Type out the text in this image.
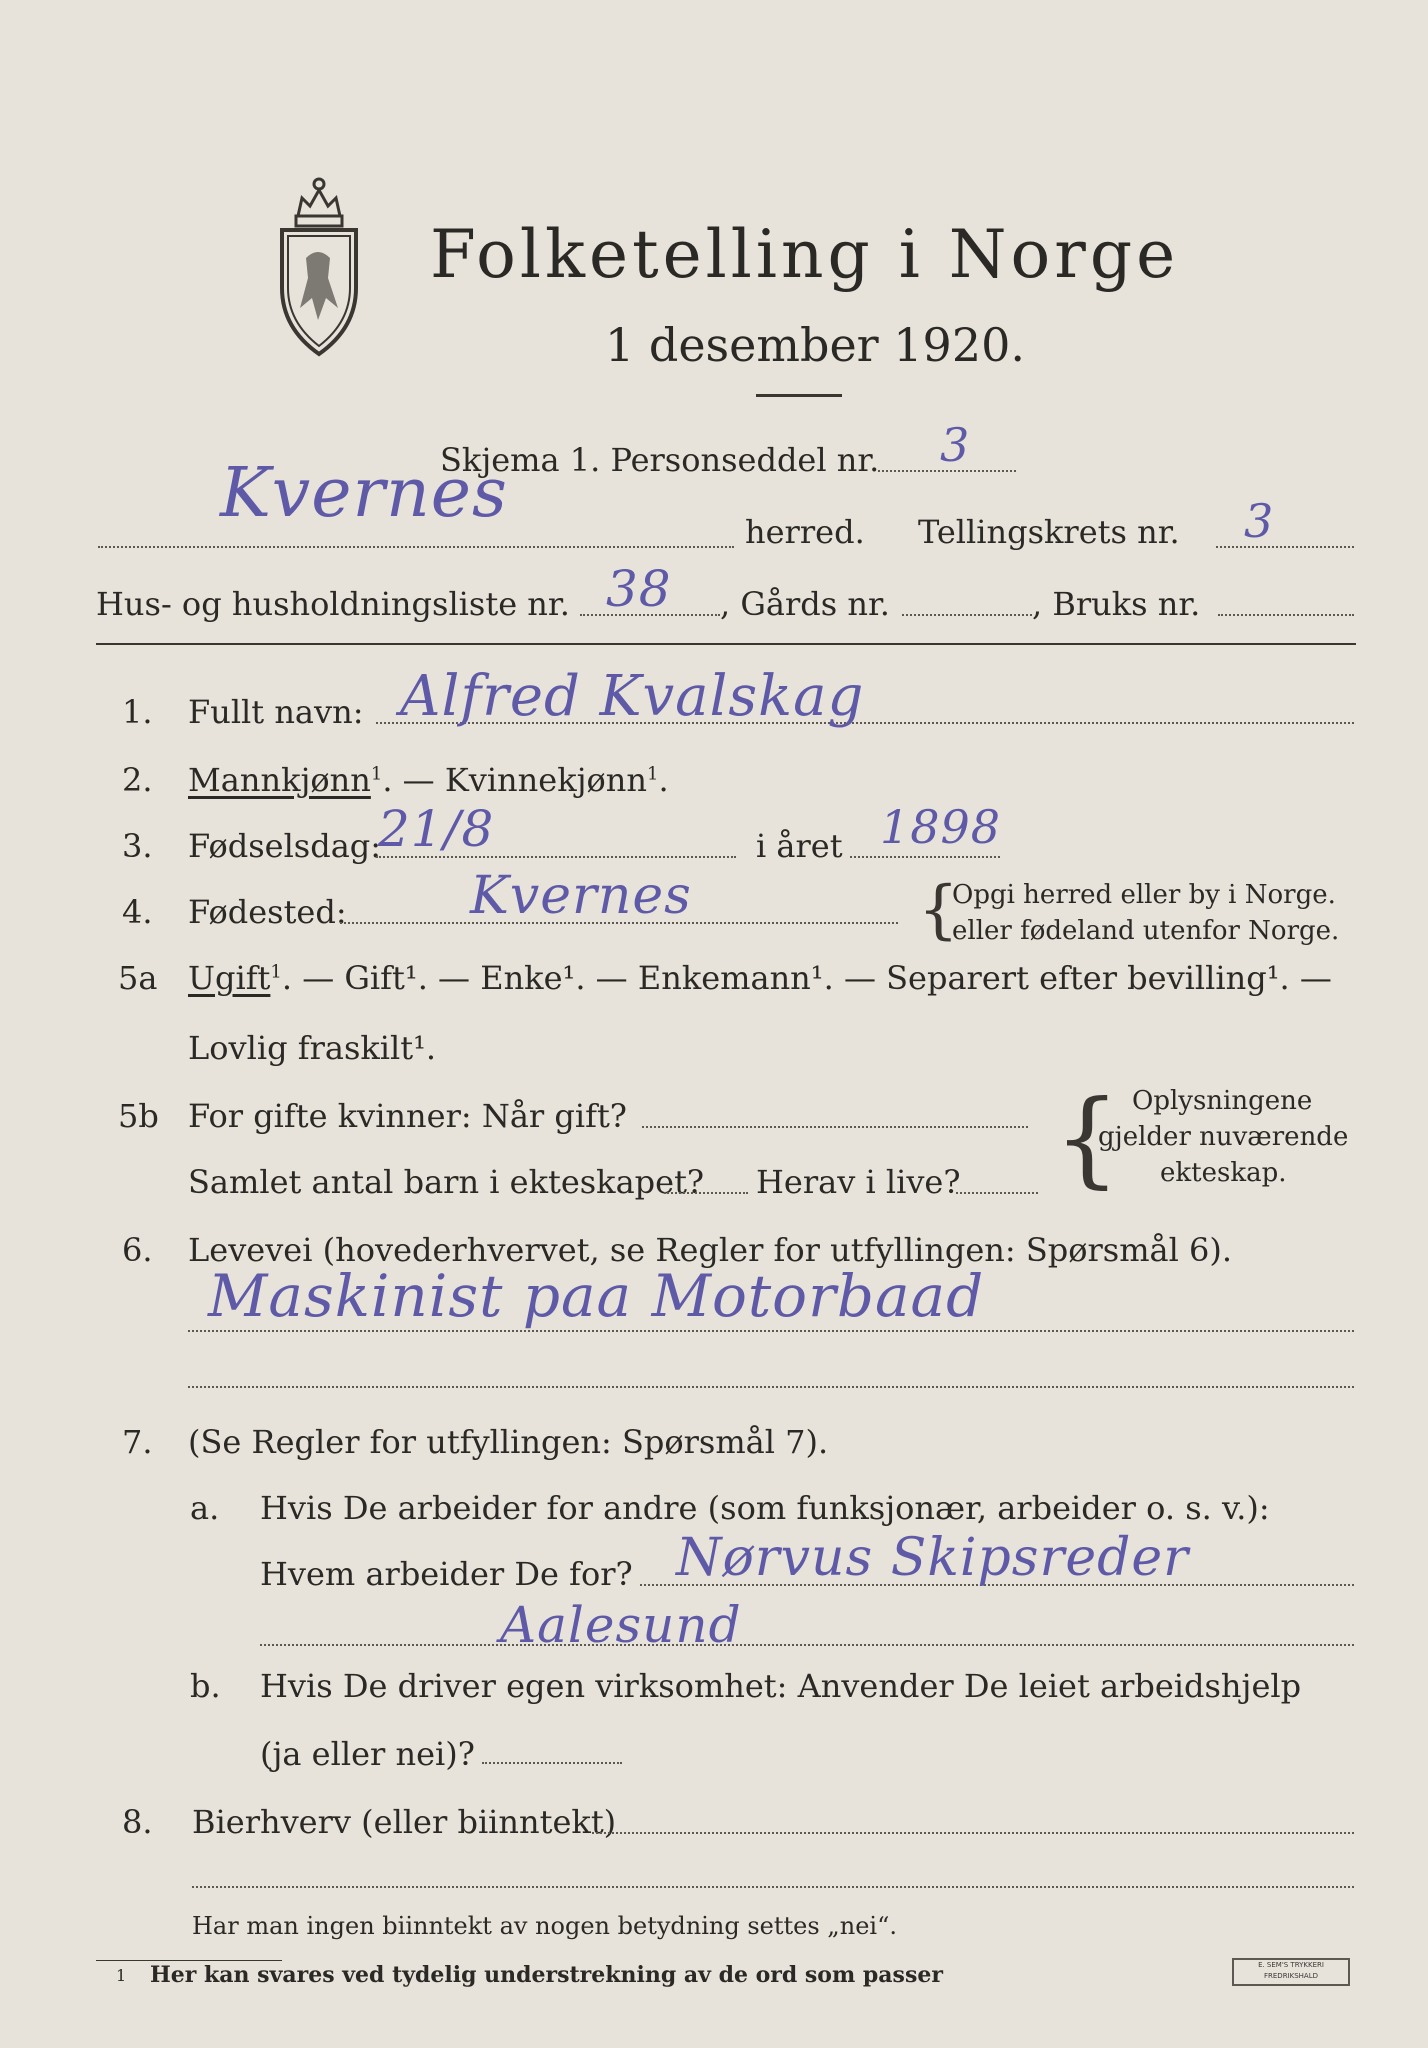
Folketelling i Norge
1 desember 1920.
Skjema 1. Personseddel nr. 3
Kvernes	herred. Tellingskrets nr. 3
Hus- og husholdningsliste nr. 38 , Gårds nr.	, Bruks nr.
1. Fullt navn: Alfred Kvalskag
2. Mannkjønn$^1$. — Kvinnekjønn$^1$.
3. Fødselsdag:
21/8	i året 1898
4. Fødested: Kvernes	{
Opgi herred eller by i Norge.
eller fødeland utenfor Norge.
5a Ugift$^1$. — Gift¹. — Enke¹. — Enkemann¹. — Separert efter bevilling¹. —
Lovlig fraskilt¹.
5b For gifte kvinner: Når gift?
Samlet antal barn i ekteskapet? Herav i live? { Oplysningene
gjelder nuværende
ekteskap.
6. Levevei (hovederhvervet, se Regler for utfyllingen: Spørsmål 6).
Maskinist paa Motorbaad
7. (Se Regler for utfyllingen: Spørsmål 7).
a. Hvis De arbeider for andre (som funksjonær, arbeider o. s. v.):
Hvem arbeider De for? Nørvus Skipsreder
Aalesund
b. Hvis De driver egen virksomhet: Anvender De leiet arbeidshjelp
(ja eller nei)?
8. Bierhverv (eller biinntekt)
Har man ingen biinntekt av nogen betydning settes „nei“.
1 Her kan svares ved tydelig understrekning av de ord som passer	E. SEM'S TRYKKERI FREDRIKSHALD
